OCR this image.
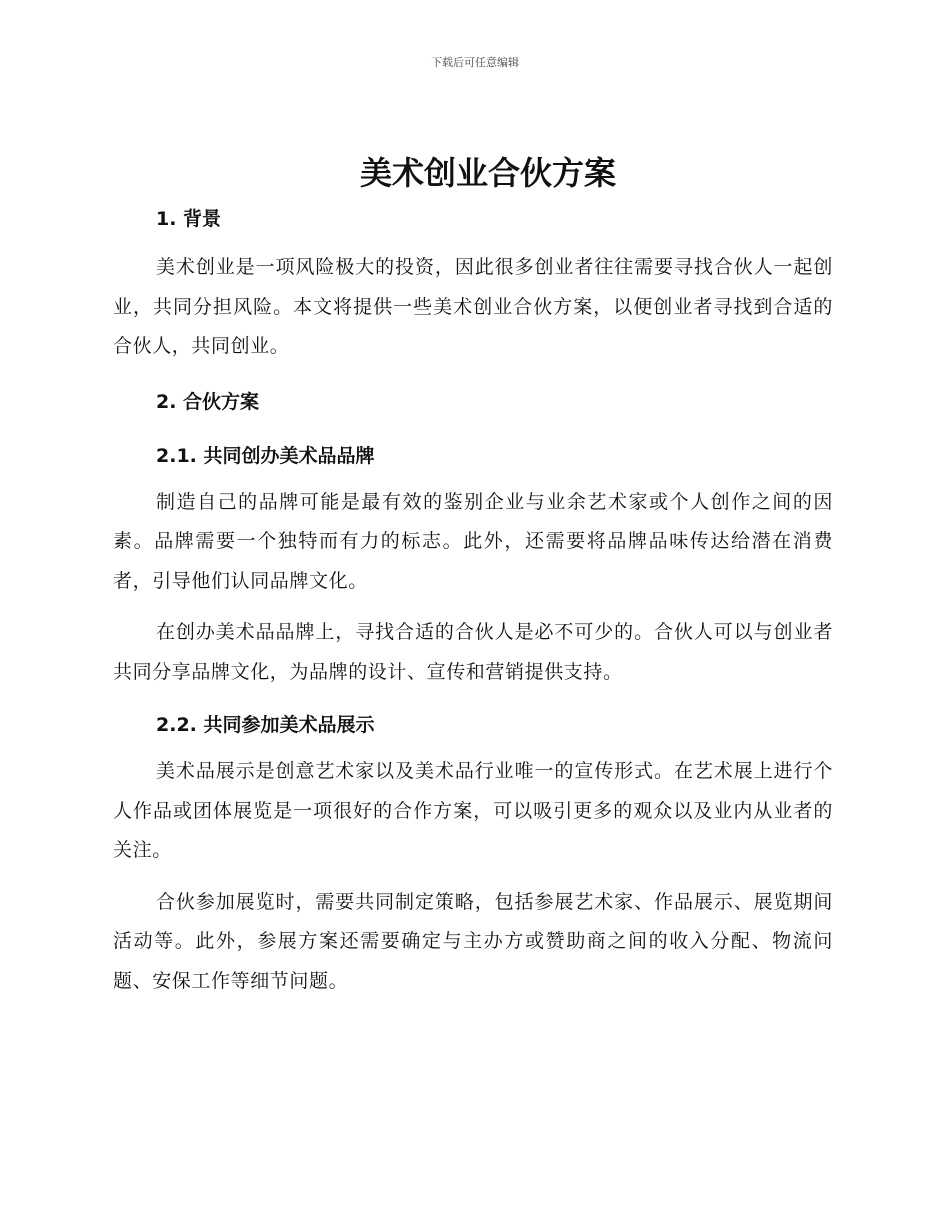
下载后可任意编辑
美术创业合伙方案
1. 背景

美术创业是一项风险极大的投资，因此很多创业者往往需要寻找合伙人一起创业，共同分担风险。本文将提供一些美术创业合伙方案，以便创业者寻找到合适的合伙人，共同创业。

2. 合伙方案
2.1. 共同创办美术品品牌

制造自己的品牌可能是最有效的鉴别企业与业余艺术家或个人创作之间的因素。品牌需要一个独特而有力的标志。此外，还需要将品牌品味传达给潜在消费者，引导他们认同品牌文化。

在创办美术品品牌上，寻找合适的合伙人是必不可少的。合伙人可以与创业者共同分享品牌文化，为品牌的设计、宣传和营销提供支持。

2.2. 共同参加美术品展示

美术品展示是创意艺术家以及美术品行业唯一的宣传形式。在艺术展上进行个人作品或团体展览是一项很好的合作方案，可以吸引更多的观众以及业内从业者的关注。

合伙参加展览时，需要共同制定策略，包括参展艺术家、作品展示、展览期间活动等。此外，参展方案还需要确定与主办方或赞助商之间的收入分配、物流问题、安保工作等细节问题。
